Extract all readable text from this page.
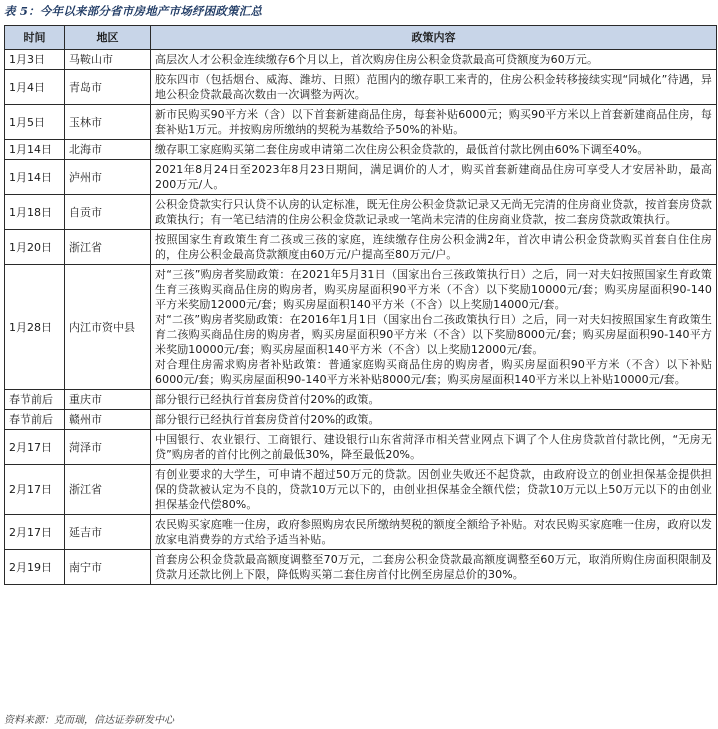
表 5：今年以来部分省市房地产市场纾困政策汇总
时间	地区	政策内容
1月3日	马鞍山市	高层次人才公积金连续缴存6个月以上，首次购房住房公积金贷款最高可贷额度为60万元。

1月4日	青岛市	胶东四市（包括烟台、威海、潍坊、日照）范围内的缴存职工来青的，住房公积金转移接续实现“同城化”待遇，异地公积金贷款最高次数由一次调整为两次。

1月5日	玉林市	新市民购买90平方米（含）以下首套新建商品住房，每套补贴6000元；购买90平方米以上首套新建商品住房，每套补贴1万元。并按购房所缴纳的契税为基数给予50%的补贴。

1月14日	北海市	缴存职工家庭购买第二套住房或申请第二次住房公积金贷款的，最低首付款比例由60%下调至40%。

1月14日	泸州市	2021年8月24日至2023年8月23日期间，满足调价的人才，购买首套新建商品住房可享受人才安居补助，最高200万元/人。

1月18日	自贡市	公积金贷款实行只认贷不认房的认定标准，既无住房公积金贷款记录又无尚无完清的住房商业贷款，按首套房贷款政策执行；有一笔已结清的住房公积金贷款记录或一笔尚未完清的住房商业贷款，按二套房贷款政策执行。

1月20日	浙江省	按照国家生育政策生育二孩或三孩的家庭，连续缴存住房公积金满2年，首次申请公积金贷款购买首套自住住房的，住房公积金最高贷款额度由60万元/户提高至80万元/户。

1月28日	内江市资中县	对“三孩”购房者奖励政策：在2021年5月31日（国家出台三孩政策执行日）之后，同一对夫妇按照国家生育政策生育三孩购买商品住房的购房者，购买房屋面积90平方米（不含）以下奖励10000元/套；购买房屋面积90-140平方米奖励12000元/套；购买房屋面积140平方米（不含）以上奖励14000元/套。
对“二孩”购房者奖励政策：在2016年1月1日（国家出台二孩政策执行日）之后，同一对夫妇按照国家生育政策生育二孩购买商品住房的购房者，购买房屋面积90平方米（不含）以下奖励8000元/套；购买房屋面积90-140平方米奖励10000元/套；购买房屋面积140平方米（不含）以上奖励12000元/套。
对合理住房需求购房者补贴政策：普通家庭购买商品住房的购房者，购买房屋面积90平方米（不含）以下补贴6000元/套；购买房屋面积90-140平方米补贴8000元/套；购买房屋面积140平方米以上补贴10000元/套。

春节前后	重庆市	部分银行已经执行首套房贷首付20%的政策。

春节前后	赣州市	部分银行已经执行首套房贷首付20%的政策。

2月17日	菏泽市	中国银行、农业银行、工商银行、建设银行山东省菏泽市相关营业网点下调了个人住房贷款首付款比例，“无房无贷”购房者的首付比例之前最低30%，降至最低20%。

2月17日	浙江省	有创业要求的大学生，可申请不超过50万元的贷款。因创业失败还不起贷款，由政府设立的创业担保基金提供担保的贷款被认定为不良的，贷款10万元以下的，由创业担保基金全额代偿；贷款10万元以上50万元以下的由创业担保基金代偿80%。

2月17日	延吉市	农民购买家庭唯一住房，政府参照购房农民所缴纳契税的额度全额给予补贴。对农民购买家庭唯一住房，政府以发放家电消费券的方式给予适当补贴。

2月19日	南宁市	首套房公积金贷款最高额度调整至70万元，二套房公积金贷款最高额度调整至60万元，取消所购住房面积限制及贷款月还款比例上下限，降低购买第二套住房首付比例至房屋总价的30%。
资料来源：克而瑞，信达证券研发中心
